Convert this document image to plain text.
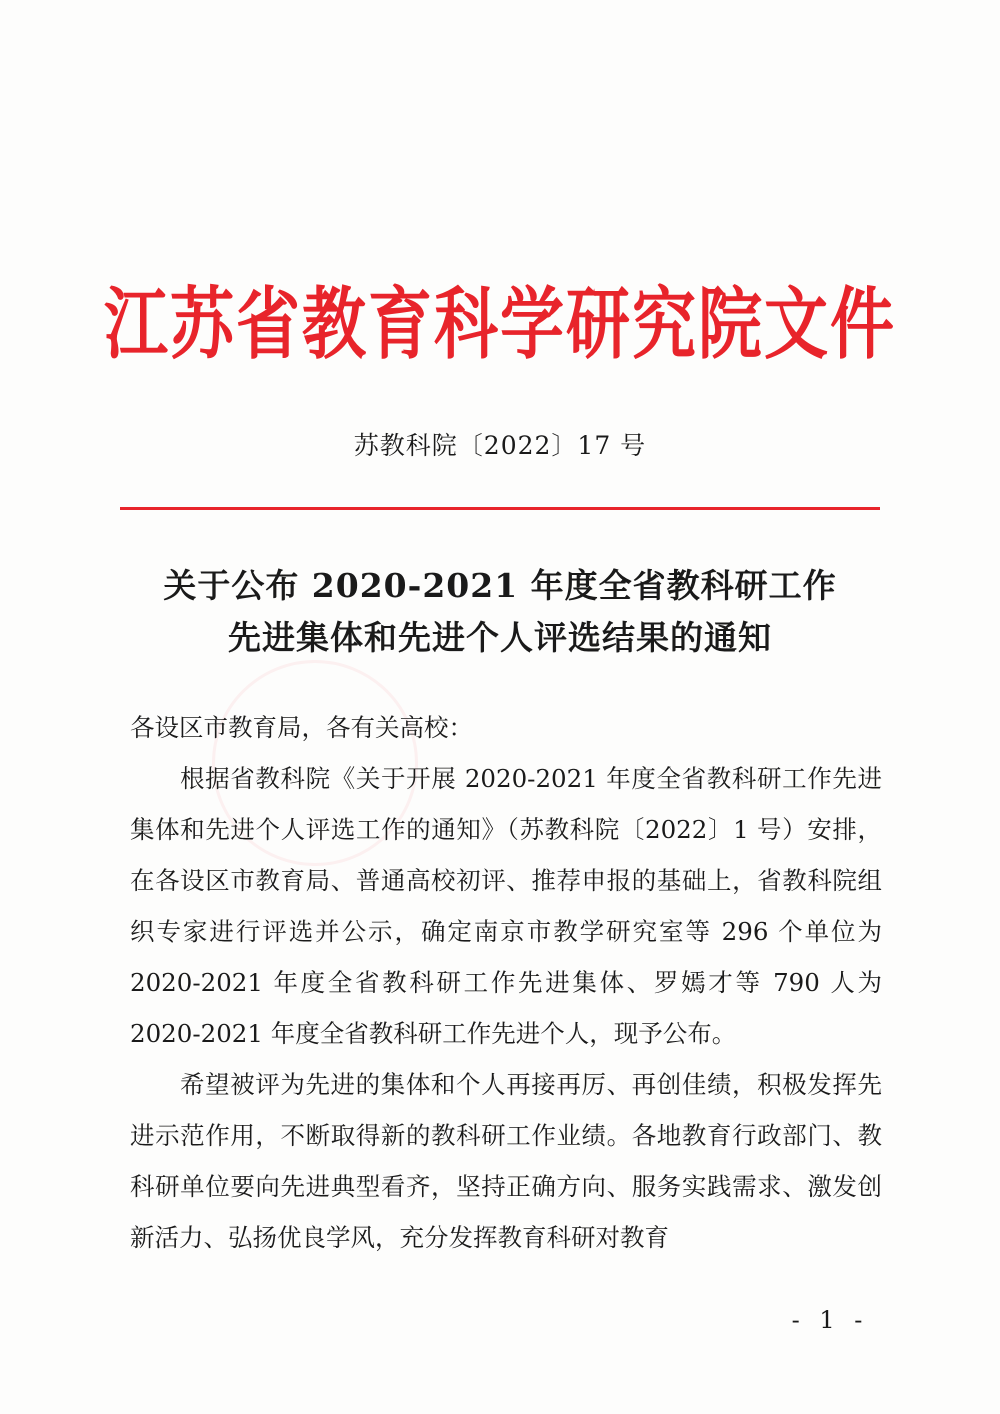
江苏省教育科学研究院文件
苏教科院〔2022〕17 号
关于公布 2020-2021 年度全省教科研工作
先进集体和先进个人评选结果的通知

各设区市教育局，各有关高校：

根据省教科院《关于开展 2020-2021 年度全省教科研工作先进集体和先进个人评选工作的通知》（苏教科院〔2022〕1 号）安排，在各设区市教育局、普通高校初评、推荐申报的基础上，省教科院组织专家进行评选并公示，确定南京市教学研究室等 296 个单位为 2020-2021 年度全省教科研工作先进集体、罗嫣才等 790 人为 2020-2021 年度全省教科研工作先进个人，现予公布。

希望被评为先进的集体和个人再接再厉、再创佳绩，积极发挥先进示范作用，不断取得新的教科研工作业绩。各地教育行政部门、教科研单位要向先进典型看齐，坚持正确方向、服务实践需求、激发创新活力、弘扬优良学风，充分发挥教育科研对教育

- 1 -
